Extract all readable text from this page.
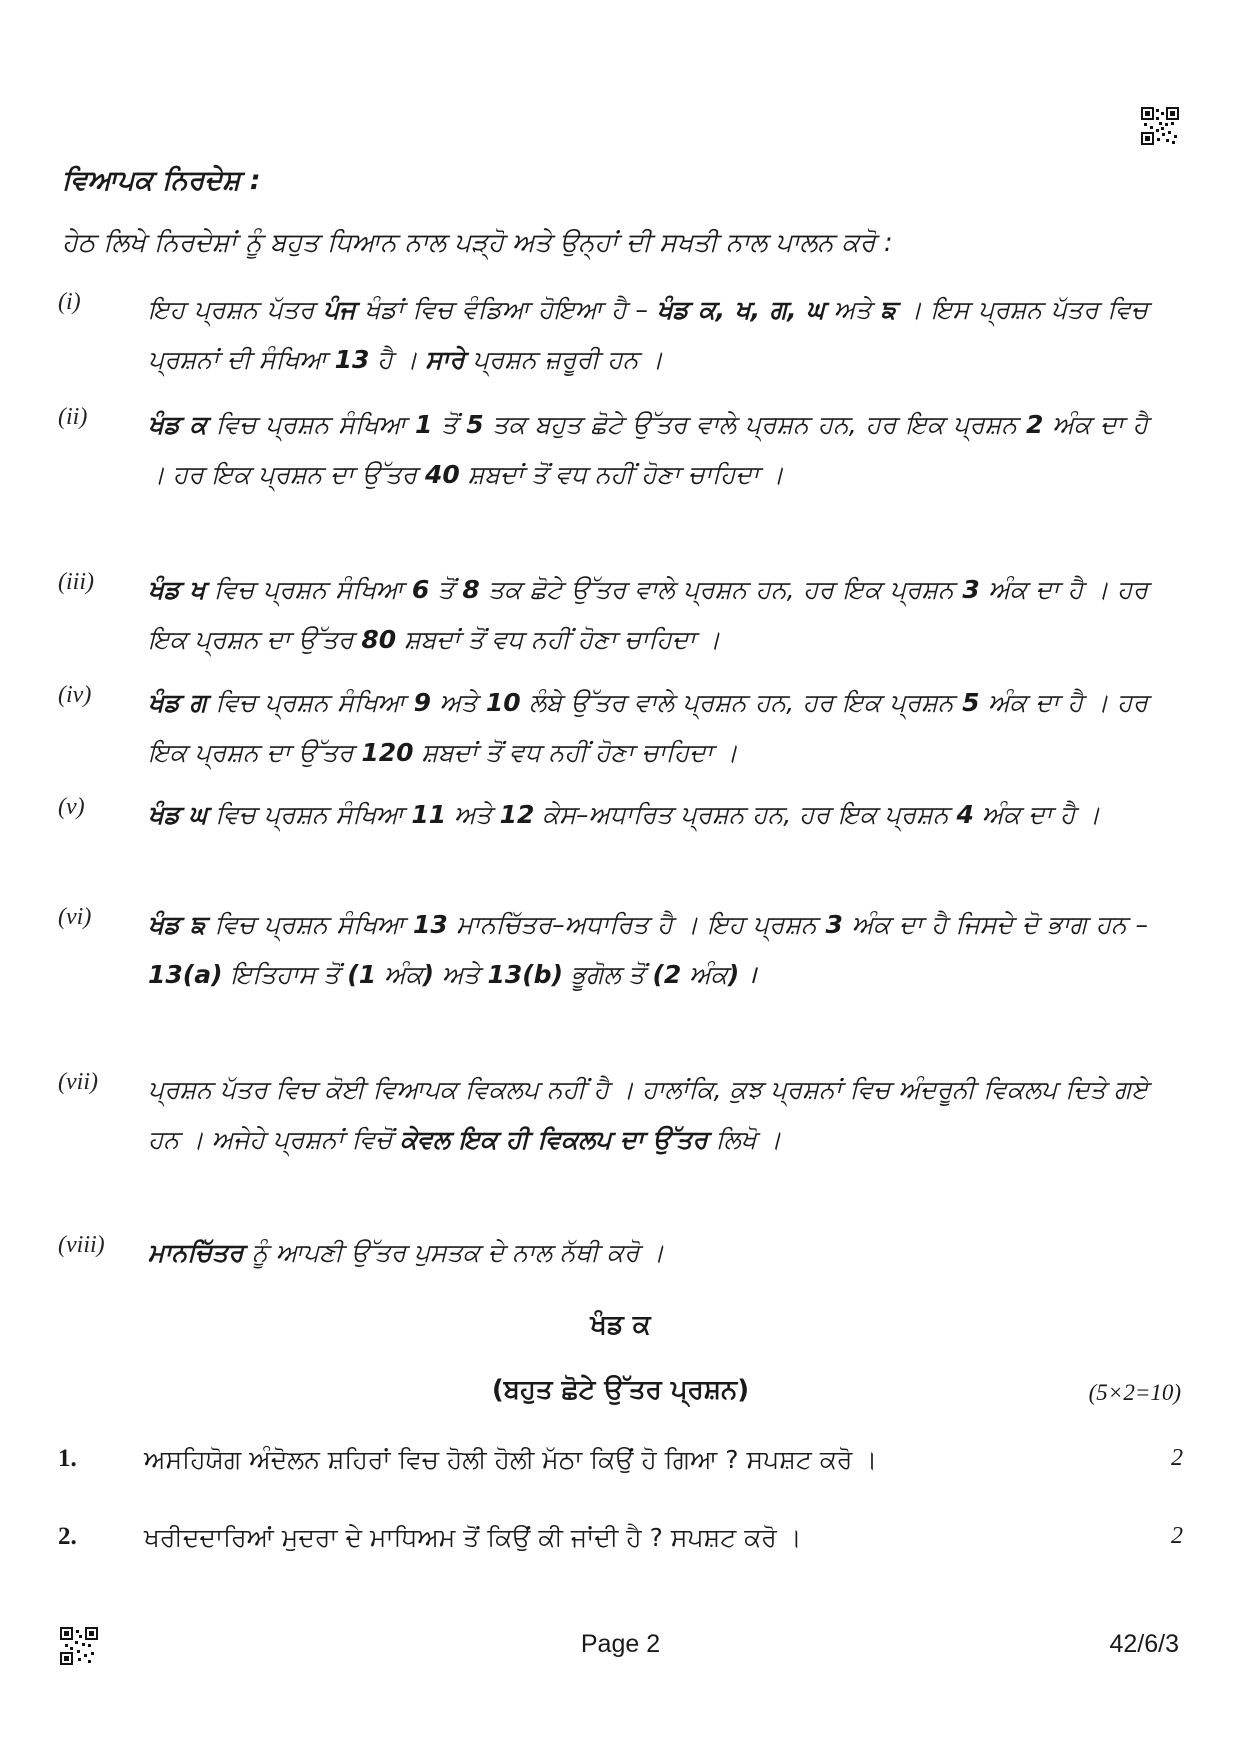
ਵਿਆਪਕ ਨਿਰਦੇਸ਼ :
ਹੇਠ ਲਿਖੇ ਨਿਰਦੇਸ਼ਾਂ ਨੂੰ ਬਹੁਤ ਧਿਆਨ ਨਾਲ ਪੜ੍ਹੋ ਅਤੇ ਉਨ੍ਹਾਂ ਦੀ ਸਖਤੀ ਨਾਲ ਪਾਲਨ ਕਰੋ :
(i)	ਇਹ ਪ੍ਰਸ਼ਨ ਪੱਤਰ ਪੰਜ ਖੰਡਾਂ ਵਿਚ ਵੰਡਿਆ ਹੋਇਆ ਹੈ – ਖੰਡ ਕ, ਖ, ਗ, ਘ ਅਤੇ ਙ । ਇਸ ਪ੍ਰਸ਼ਨ ਪੱਤਰ ਵਿਚ ਪ੍ਰਸ਼ਨਾਂ ਦੀ ਸੰਖਿਆ 13 ਹੈ । ਸਾਰੇ ਪ੍ਰਸ਼ਨ ਜ਼ਰੂਰੀ ਹਨ ।
(ii) ਖੰਡ ਕ ਵਿਚ ਪ੍ਰਸ਼ਨ ਸੰਖਿਆ 1 ਤੋਂ 5 ਤਕ ਬਹੁਤ ਛੋਟੇ ਉੱਤਰ ਵਾਲੇ ਪ੍ਰਸ਼ਨ ਹਨ, ਹਰ ਇਕ ਪ੍ਰਸ਼ਨ 2 ਅੰਕ ਦਾ ਹੈ । ਹਰ ਇਕ ਪ੍ਰਸ਼ਨ ਦਾ ਉੱਤਰ 40 ਸ਼ਬਦਾਂ ਤੋਂ ਵਧ ਨਹੀਂ ਹੋਣਾ ਚਾਹਿਦਾ ।
(iii) ਖੰਡ ਖ ਵਿਚ ਪ੍ਰਸ਼ਨ ਸੰਖਿਆ 6 ਤੋਂ 8 ਤਕ ਛੋਟੇ ਉੱਤਰ ਵਾਲੇ ਪ੍ਰਸ਼ਨ ਹਨ, ਹਰ ਇਕ ਪ੍ਰਸ਼ਨ 3 ਅੰਕ ਦਾ ਹੈ । ਹਰ ਇਕ ਪ੍ਰਸ਼ਨ ਦਾ ਉੱਤਰ 80 ਸ਼ਬਦਾਂ ਤੋਂ ਵਧ ਨਹੀਂ ਹੋਣਾ ਚਾਹਿਦਾ ।
(iv) ਖੰਡ ਗ ਵਿਚ ਪ੍ਰਸ਼ਨ ਸੰਖਿਆ 9 ਅਤੇ 10 ਲੰਬੇ ਉੱਤਰ ਵਾਲੇ ਪ੍ਰਸ਼ਨ ਹਨ, ਹਰ ਇਕ ਪ੍ਰਸ਼ਨ 5 ਅੰਕ ਦਾ ਹੈ । ਹਰ ਇਕ ਪ੍ਰਸ਼ਨ ਦਾ ਉੱਤਰ 120 ਸ਼ਬਦਾਂ ਤੋਂ ਵਧ ਨਹੀਂ ਹੋਣਾ ਚਾਹਿਦਾ ।
(v)	ਖੰਡ ਘ ਵਿਚ ਪ੍ਰਸ਼ਨ ਸੰਖਿਆ 11 ਅਤੇ 12 ਕੇਸ–ਅਧਾਰਿਤ ਪ੍ਰਸ਼ਨ ਹਨ, ਹਰ ਇਕ ਪ੍ਰਸ਼ਨ 4 ਅੰਕ ਦਾ ਹੈ ।
(vi) ਖੰਡ ਙ ਵਿਚ ਪ੍ਰਸ਼ਨ ਸੰਖਿਆ 13 ਮਾਨਚਿੱਤਰ–ਅਧਾਰਿਤ ਹੈ । ਇਹ ਪ੍ਰਸ਼ਨ 3 ਅੰਕ ਦਾ ਹੈ ਜਿਸਦੇ ਦੋ ਭਾਗ ਹਨ – 13(a) ਇਤਿਹਾਸ ਤੋਂ (1 ਅੰਕ) ਅਤੇ 13(b) ਭੂਗੋਲ ਤੋਂ (2 ਅੰਕ) ।
(vii) ਪ੍ਰਸ਼ਨ ਪੱਤਰ ਵਿਚ ਕੋਈ ਵਿਆਪਕ ਵਿਕਲਪ ਨਹੀਂ ਹੈ । ਹਾਲਾਂਕਿ, ਕੁਝ ਪ੍ਰਸ਼ਨਾਂ ਵਿਚ ਅੰਦਰੂਨੀ ਵਿਕਲਪ ਦਿਤੇ ਗਏ ਹਨ । ਅਜੇਹੇ ਪ੍ਰਸ਼ਨਾਂ ਵਿਚੋਂ ਕੇਵਲ ਇਕ ਹੀ ਵਿਕਲਪ ਦਾ ਉੱਤਰ ਲਿਖੋ ।
(viii) ਮਾਨਚਿੱਤਰ ਨੂੰ ਆਪਣੀ ਉੱਤਰ ਪੁਸਤਕ ਦੇ ਨਾਲ ਨੱਥੀ ਕਰੋ ।
ਖੰਡ ਕ
(ਬਹੁਤ ਛੋਟੇ ਉੱਤਰ ਪ੍ਰਸ਼ਨ)	(5×2=10)
1.	ਅਸਹਿਯੋਗ ਅੰਦੋਲਨ ਸ਼ਹਿਰਾਂ ਵਿਚ ਹੋਲੀ ਹੋਲੀ ਮੱਠਾ ਕਿਉਂ ਹੋ ਗਿਆ ? ਸਪਸ਼ਟ ਕਰੋ ।	2
2.	ਖਰੀਦਦਾਰਿਆਂ ਮੁਦਰਾ ਦੇ ਮਾਧਿਅਮ ਤੋਂ ਕਿਉਂ ਕੀ ਜਾਂਦੀ ਹੈ ? ਸਪਸ਼ਟ ਕਰੋ ।	2
Page 2	42/6/3
